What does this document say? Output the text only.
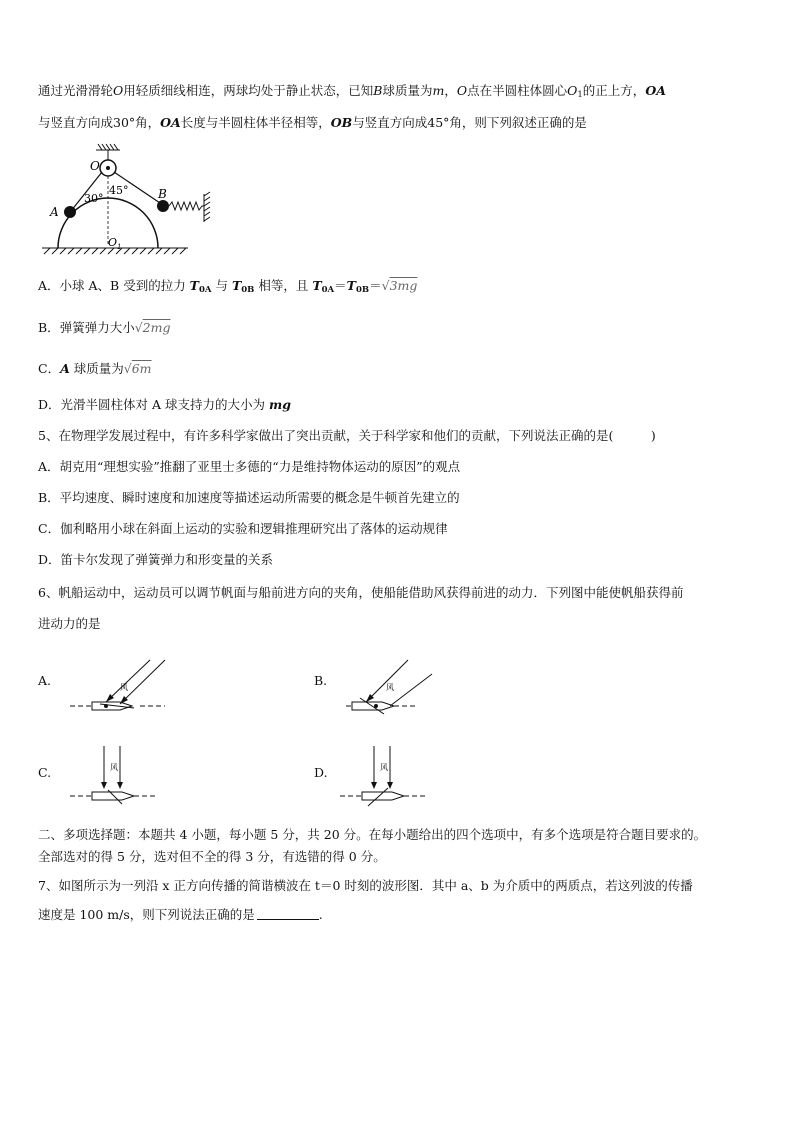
通过光滑滑轮O用轻质细线相连，两球均处于静止状态，已知B球质量为m，O点在半圆柱体圆心$O_1$的正上方，OA
与竖直方向成30°角，OA长度与半圆柱体半径相等，OB与竖直方向成45°角，则下列叙述正确的是
O
A
B
30°
45°
$O_1$
A．小球 A、B 受到的拉力 $T_{0A}$ 与 $T_{0B}$ 相等，且 $T_{0A}=T_{0B}=√3mg$
B．弹簧弹力大小√2mg
C．A 球质量为√6m
D．光滑半圆柱体对 A 球支持力的大小为 mg
5、在物理学发展过程中，有许多科学家做出了突出贡献，关于科学家和他们的贡献，下列说法正确的是(　　　)
A．胡克用“理想实验”推翻了亚里士多德的“力是维持物体运动的原因”的观点
B．平均速度、瞬时速度和加速度等描述运动所需要的概念是牛顿首先建立的
C．伽利略用小球在斜面上运动的实验和逻辑推理研究出了落体的运动规律
D．笛卡尔发现了弹簧弹力和形变量的关系
6、帆船运动中，运动员可以调节帆面与船前进方向的夹角，使船能借助风获得前进的动力．下列图中能使帆船获得前
进动力的是
A.	B.
C.	D.
风	风
风	风
二、多项选择题：本题共 4 小题，每小题 5 分，共 20 分。在每小题给出的四个选项中，有多个选项是符合题目要求的。
全部选对的得 5 分，选对但不全的得 3 分，有选错的得 0 分。
7、如图所示为一列沿 x 正方向传播的简谐横波在 t＝0 时刻的波形图．其中 a、b 为介质中的两质点，若这列波的传播
速度是 100 m/s，则下列说法正确的是	.
